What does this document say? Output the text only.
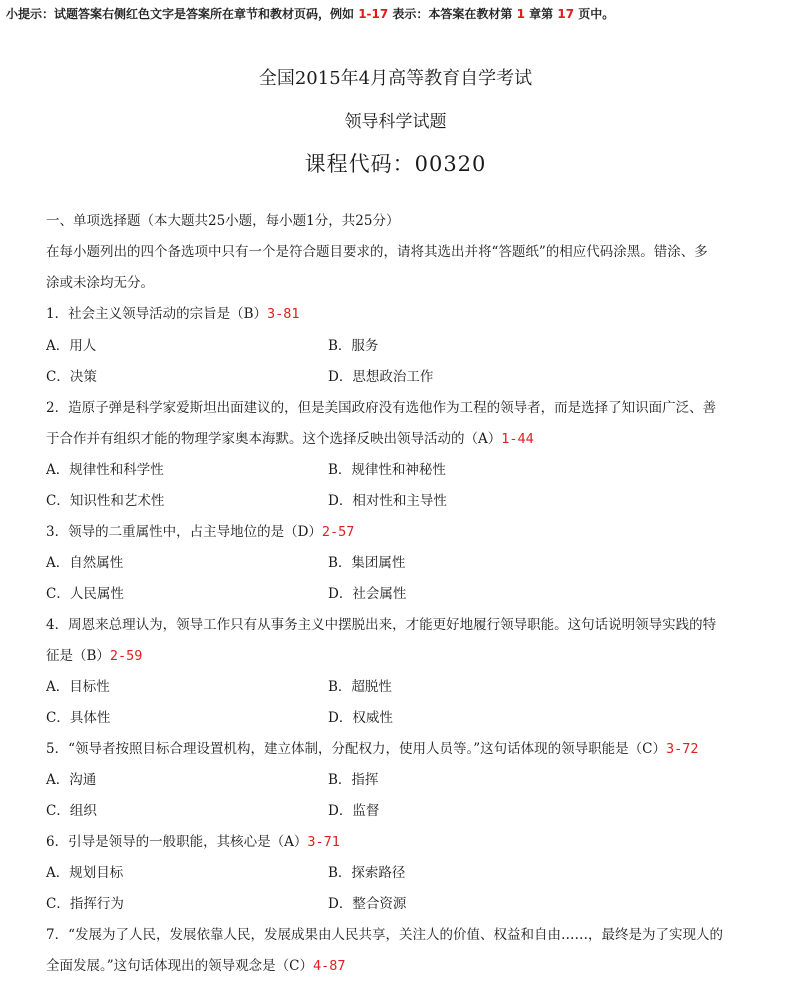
小提示：试题答案右侧红色文字是答案所在章节和教材页码，例如 1-17 表示：本答案在教材第 1 章第 17 页中。
全国2015年4月高等教育自学考试
领导科学试题
课程代码：00320
一、单项选择题（本大题共25小题，每小题1分，共25分）
在每小题列出的四个备选项中只有一个是符合题目要求的，请将其选出并将“答题纸”的相应代码涂黑。错涂、多
涂或未涂均无分。
1．社会主义领导活动的宗旨是（B）3-81
A．用人	B．服务
C．决策	D．思想政治工作
2．造原子弹是科学家爱斯坦出面建议的，但是美国政府没有选他作为工程的领导者，而是选择了知识面广泛、善
于合作并有组织才能的物理学家奥本海默。这个选择反映出领导活动的（A）1-44
A．规律性和科学性	B．规律性和神秘性
C．知识性和艺术性	D．相对性和主导性
3．领导的二重属性中，占主导地位的是（D）2-57
A．自然属性	B．集团属性
C．人民属性	D．社会属性
4．周恩来总理认为，领导工作只有从事务主义中摆脱出来，才能更好地履行领导职能。这句话说明领导实践的特
征是（B）2-59
A．目标性	B．超脱性
C．具体性	D．权威性
5．“领导者按照目标合理设置机构，建立体制，分配权力，使用人员等。”这句话体现的领导职能是（C）3-72
A．沟通	B．指挥
C．组织	D．监督
6．引导是领导的一般职能，其核心是（A）3-71
A．规划目标	B．探索路径
C．指挥行为	D．整合资源
7．“发展为了人民，发展依靠人民，发展成果由人民共享，关注人的价值、权益和自由……，最终是为了实现人的
全面发展。”这句话体现出的领导观念是（C）4-87
